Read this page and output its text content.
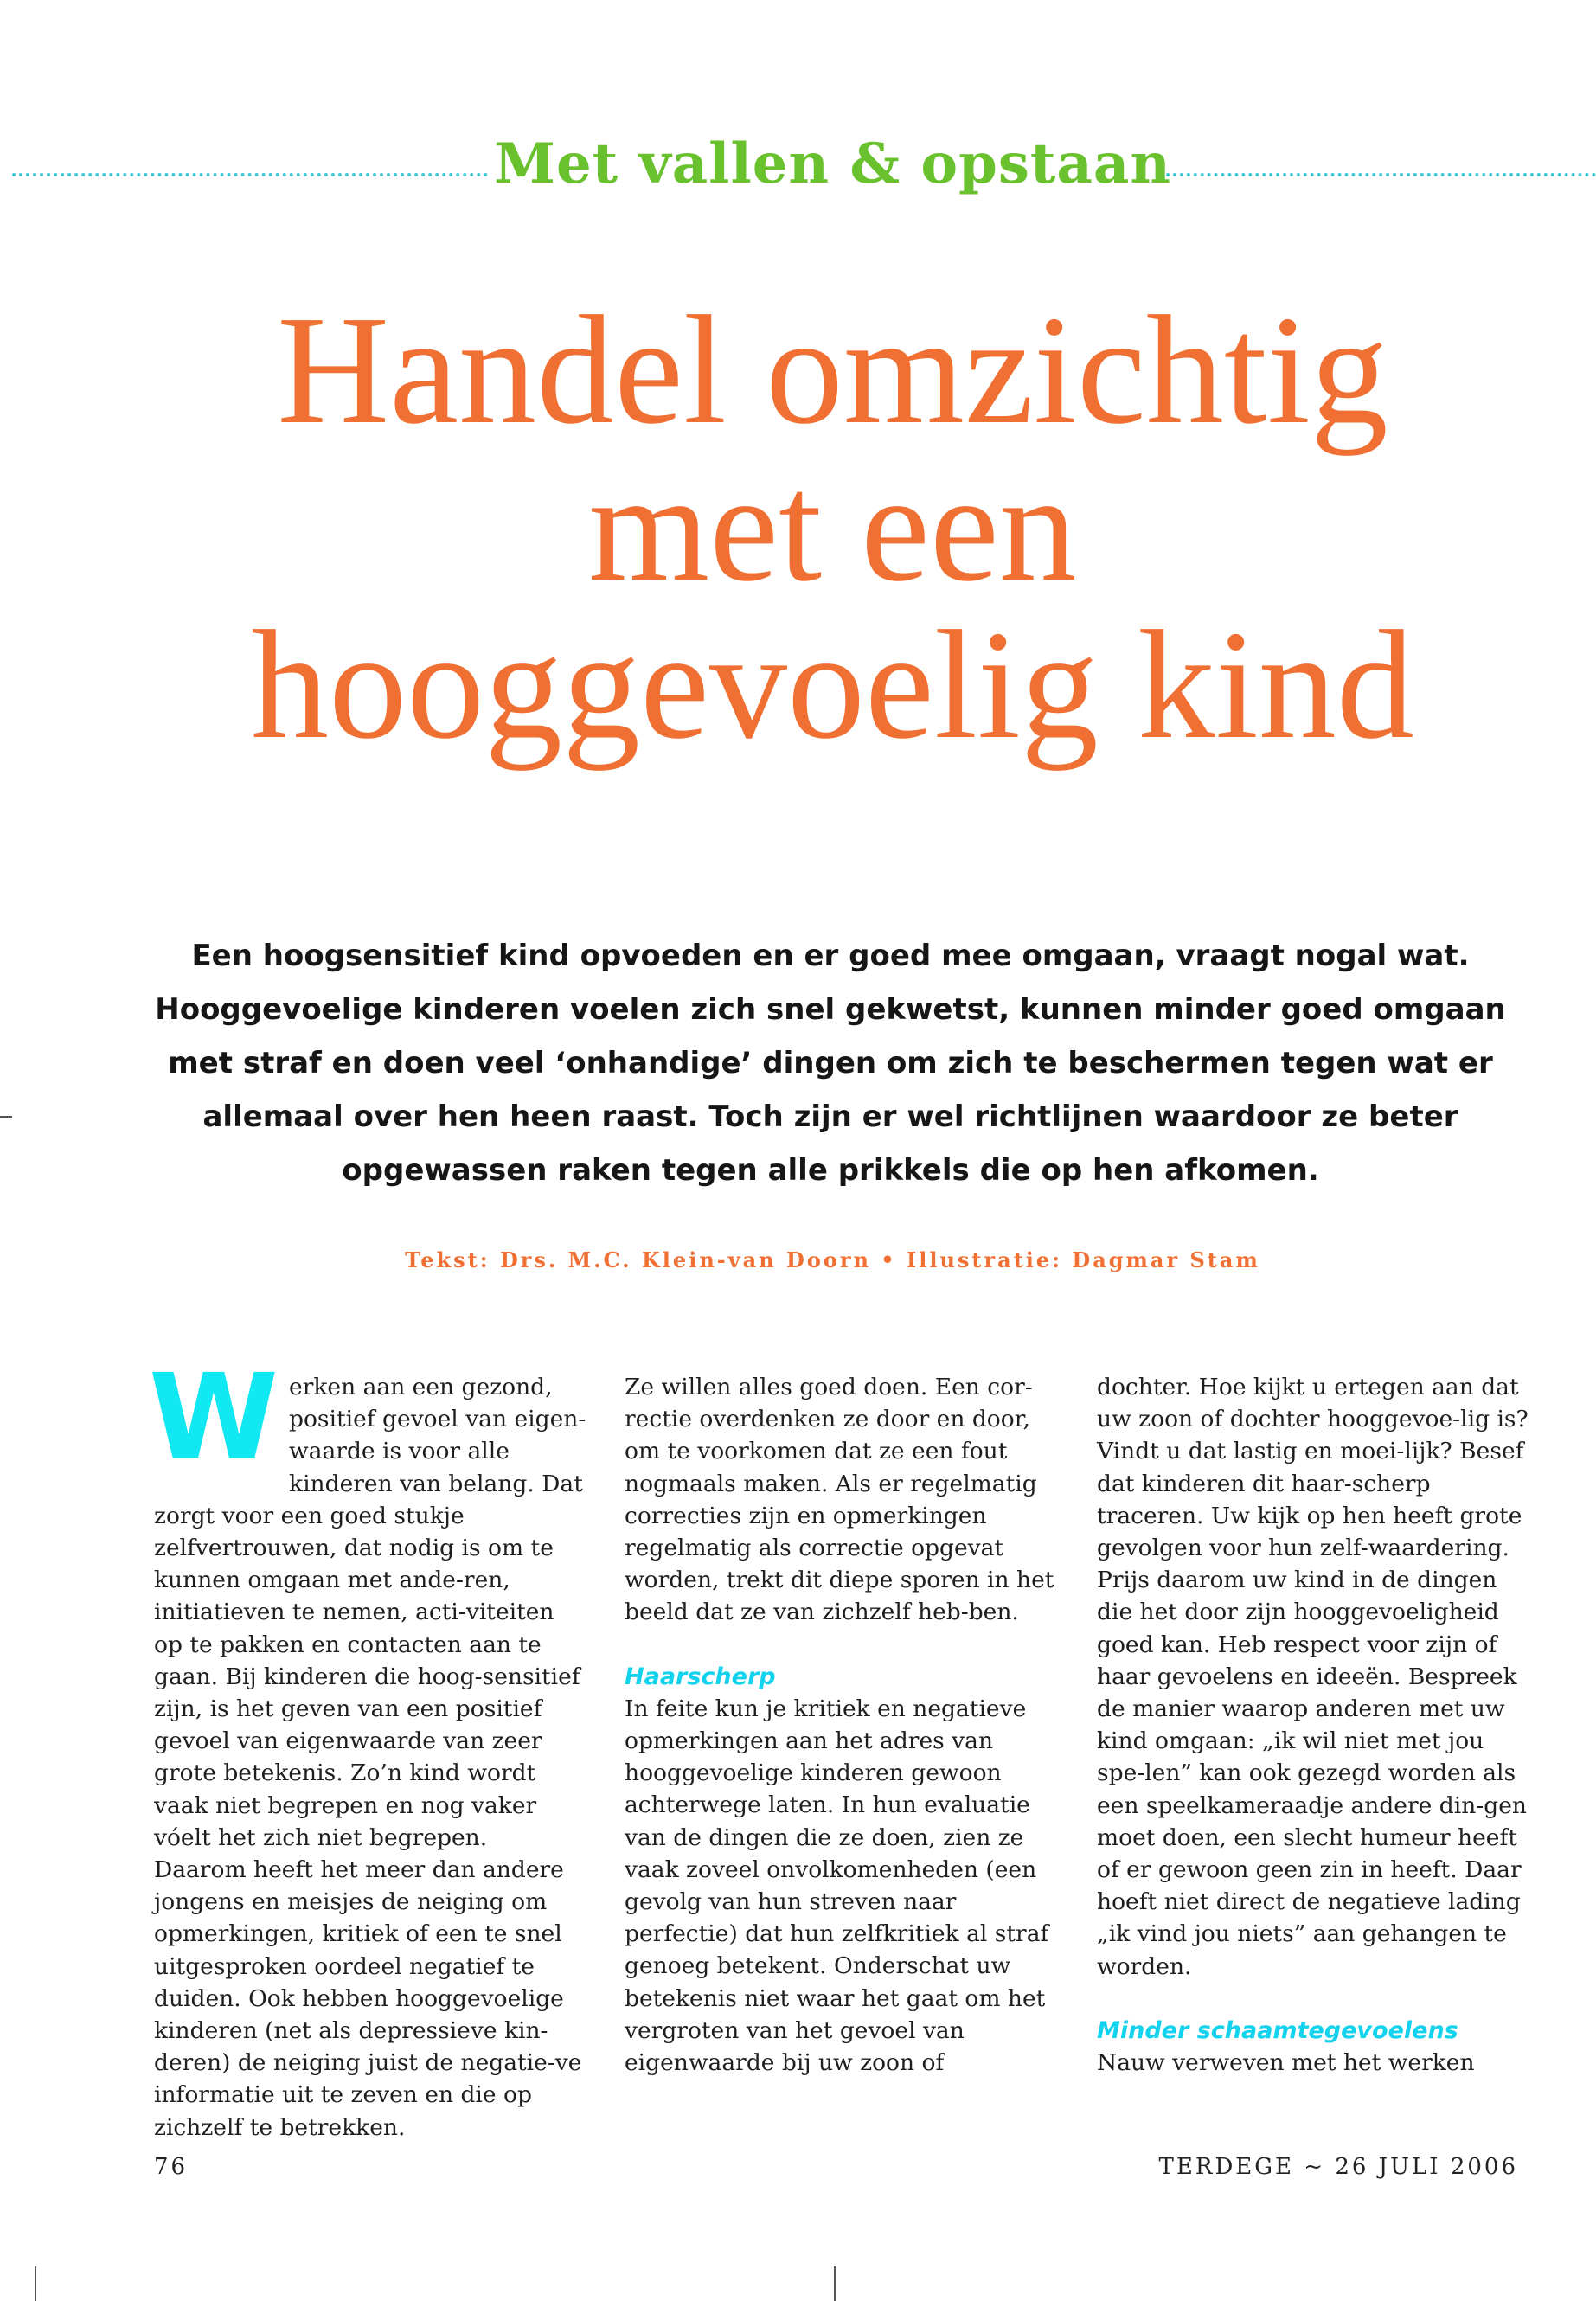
Met vallen & opstaan
Handel omzichtig
met een
hooggevoelig kind

Een hoogsensitief kind opvoeden en er goed mee omgaan, vraagt nogal wat. Hooggevoelige kinderen voelen zich snel gekwetst, kunnen minder goed omgaan met straf en doen veel ‘onhandige’ dingen om zich te beschermen tegen wat er allemaal over hen heen raast. Toch zijn er wel richtlijnen waardoor ze beter opgewassen raken tegen alle prikkels die op hen afkomen.

Tekst: Drs. M.C. Klein-van Doorn • Illustratie: Dagmar Stam
W erken aan een gezond, positief gevoel van eigen-waarde is voor alle kinderen van belang. Dat zorgt voor een goed stukje zelfvertrouwen, dat nodig is om te kunnen omgaan met ande-ren, initiatieven te nemen, acti-viteiten op te pakken en contacten aan te gaan. Bij kinderen die hoog-sensitief zijn, is het geven van een positief gevoel van eigenwaarde van zeer grote betekenis. Zo’n kind wordt vaak niet begrepen en nog vaker vóelt het zich niet begrepen. Daarom heeft het meer dan andere jongens en meisjes de neiging om opmerkingen, kritiek of een te snel uitgesproken oordeel negatief te duiden. Ook hebben hooggevoelige kinderen (net als depressieve kin-deren) de neiging juist de negatie-ve informatie uit te zeven en die op zichzelf te betrekken.

Ze willen alles goed doen. Een cor-rectie overdenken ze door en door, om te voorkomen dat ze een fout nogmaals maken. Als er regelmatig correcties zijn en opmerkingen regelmatig als correctie opgevat worden, trekt dit diepe sporen in het beeld dat ze van zichzelf heb-ben.

Haarscherp

In feite kun je kritiek en negatieve opmerkingen aan het adres van hooggevoelige kinderen gewoon achterwege laten. In hun evaluatie van de dingen die ze doen, zien ze vaak zoveel onvolkomenheden (een gevolg van hun streven naar perfectie) dat hun zelfkritiek al straf genoeg betekent. Onderschat uw betekenis niet waar het gaat om het vergroten van het gevoel van eigenwaarde bij uw zoon of

dochter. Hoe kijkt u ertegen aan dat uw zoon of dochter hooggevoe-lig is? Vindt u dat lastig en moei-lijk? Besef dat kinderen dit haar-scherp traceren. Uw kijk op hen heeft grote gevolgen voor hun zelf-waardering. Prijs daarom uw kind in de dingen die het door zijn hooggevoeligheid goed kan. Heb respect voor zijn of haar gevoelens en ideeën. Bespreek de manier waarop anderen met uw kind omgaan: „ik wil niet met jou spe-len” kan ook gezegd worden als een speelkameraadje andere din-gen moet doen, een slecht humeur heeft of er gewoon geen zin in heeft. Daar hoeft niet direct de negatieve lading „ik vind jou niets” aan gehangen te worden.

Minder schaamtegevoelens

Nauw verweven met het werken

76	TERDEGE ~ 26 JULI 2006
